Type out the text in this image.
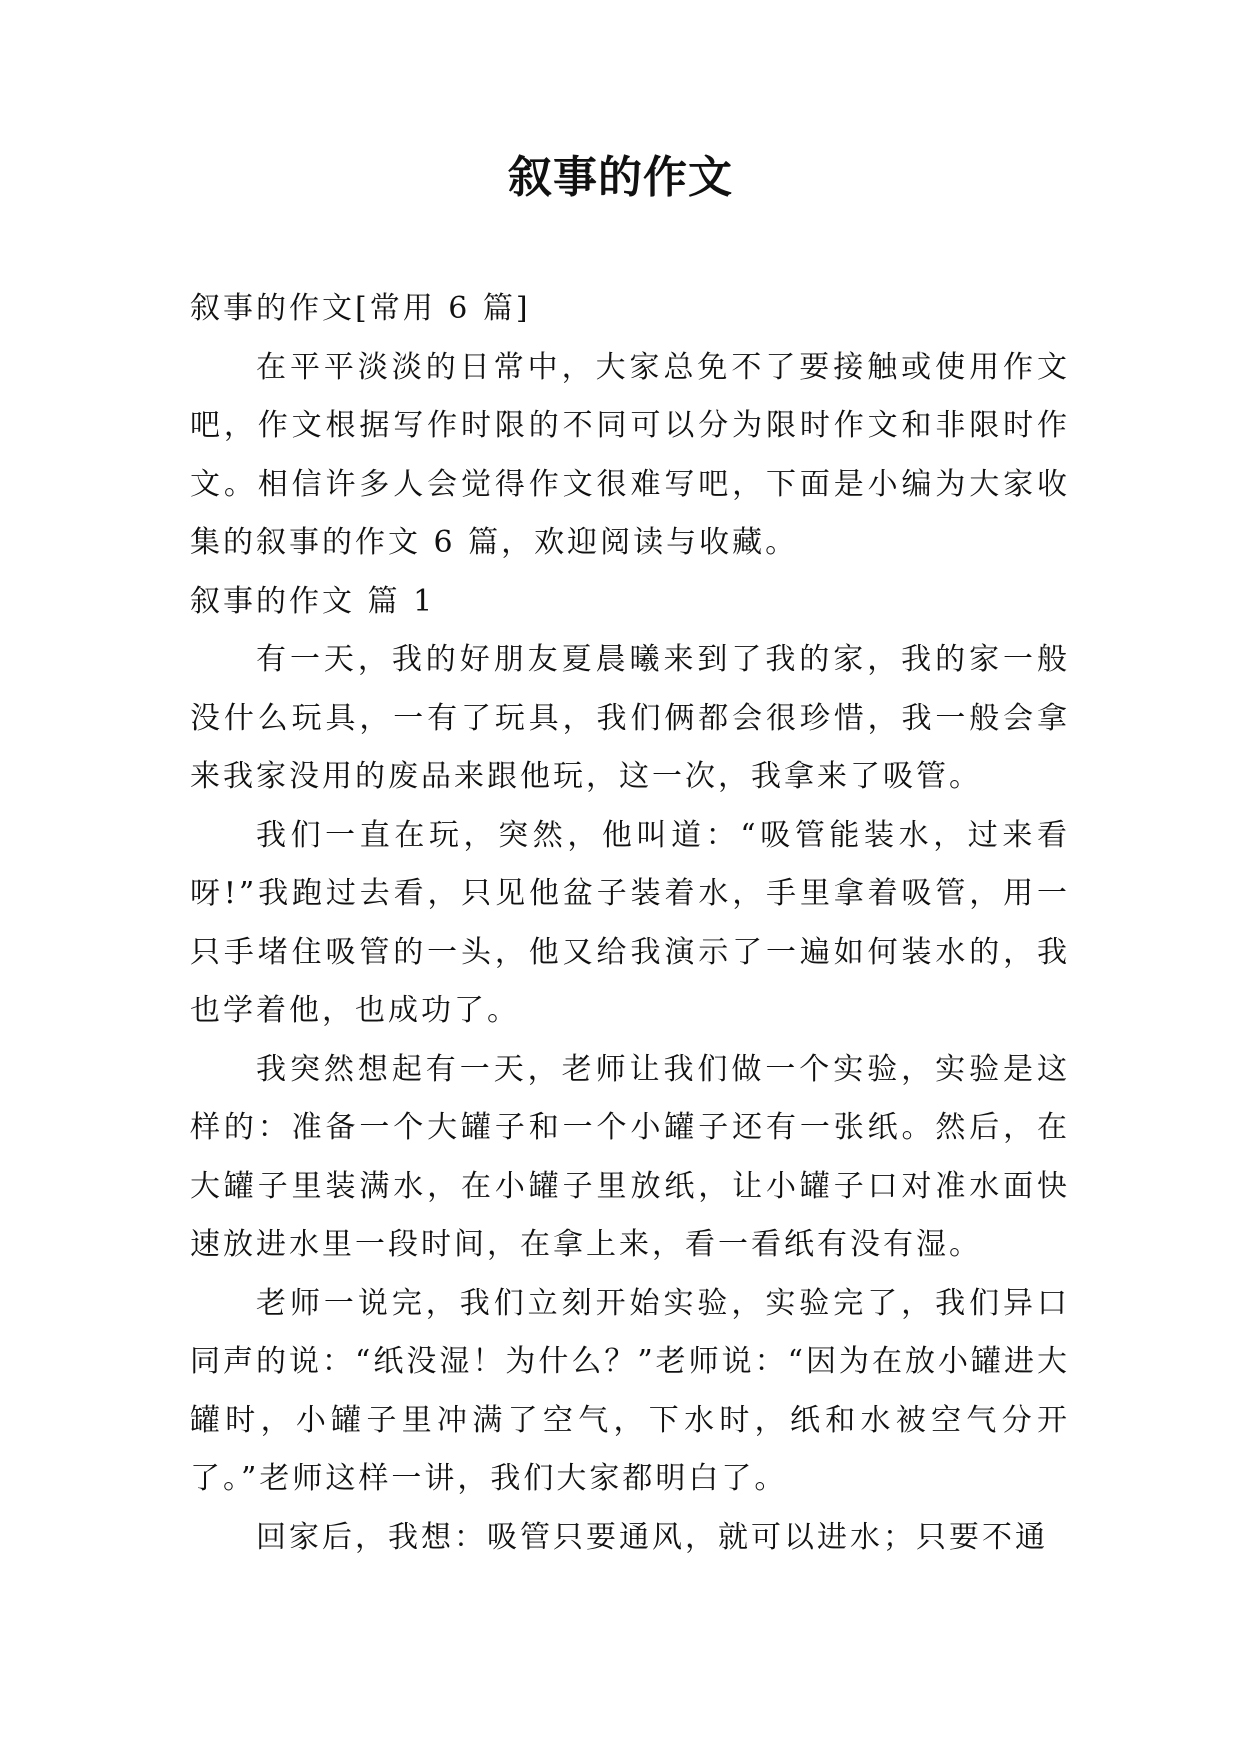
叙事的作文

叙事的作文[常用 6 篇]

在平平淡淡的日常中，大家总免不了要接触或使用作文吧，作文根据写作时限的不同可以分为限时作文和非限时作文。相信许多人会觉得作文很难写吧，下面是小编为大家收集的叙事的作文 6 篇，欢迎阅读与收藏。

叙事的作文 篇 1

有一天，我的好朋友夏晨曦来到了我的家，我的家一般没什么玩具，一有了玩具，我们俩都会很珍惜，我一般会拿来我家没用的废品来跟他玩，这一次，我拿来了吸管。

我们一直在玩，突然，他叫道：“吸管能装水，过来看呀!”我跑过去看，只见他盆子装着水，手里拿着吸管，用一只手堵住吸管的一头，他又给我演示了一遍如何装水的，我也学着他，也成功了。

我突然想起有一天，老师让我们做一个实验，实验是这样的：准备一个大罐子和一个小罐子还有一张纸。然后，在大罐子里装满水，在小罐子里放纸，让小罐子口对准水面快速放进水里一段时间，在拿上来，看一看纸有没有湿。

老师一说完，我们立刻开始实验，实验完了，我们异口同声的说：“纸没湿！为什么？”老师说：“因为在放小罐进大罐时，小罐子里冲满了空气，下水时，纸和水被空气分开了。”老师这样一讲，我们大家都明白了。

回家后，我想：吸管只要通风，就可以进水；只要不通
